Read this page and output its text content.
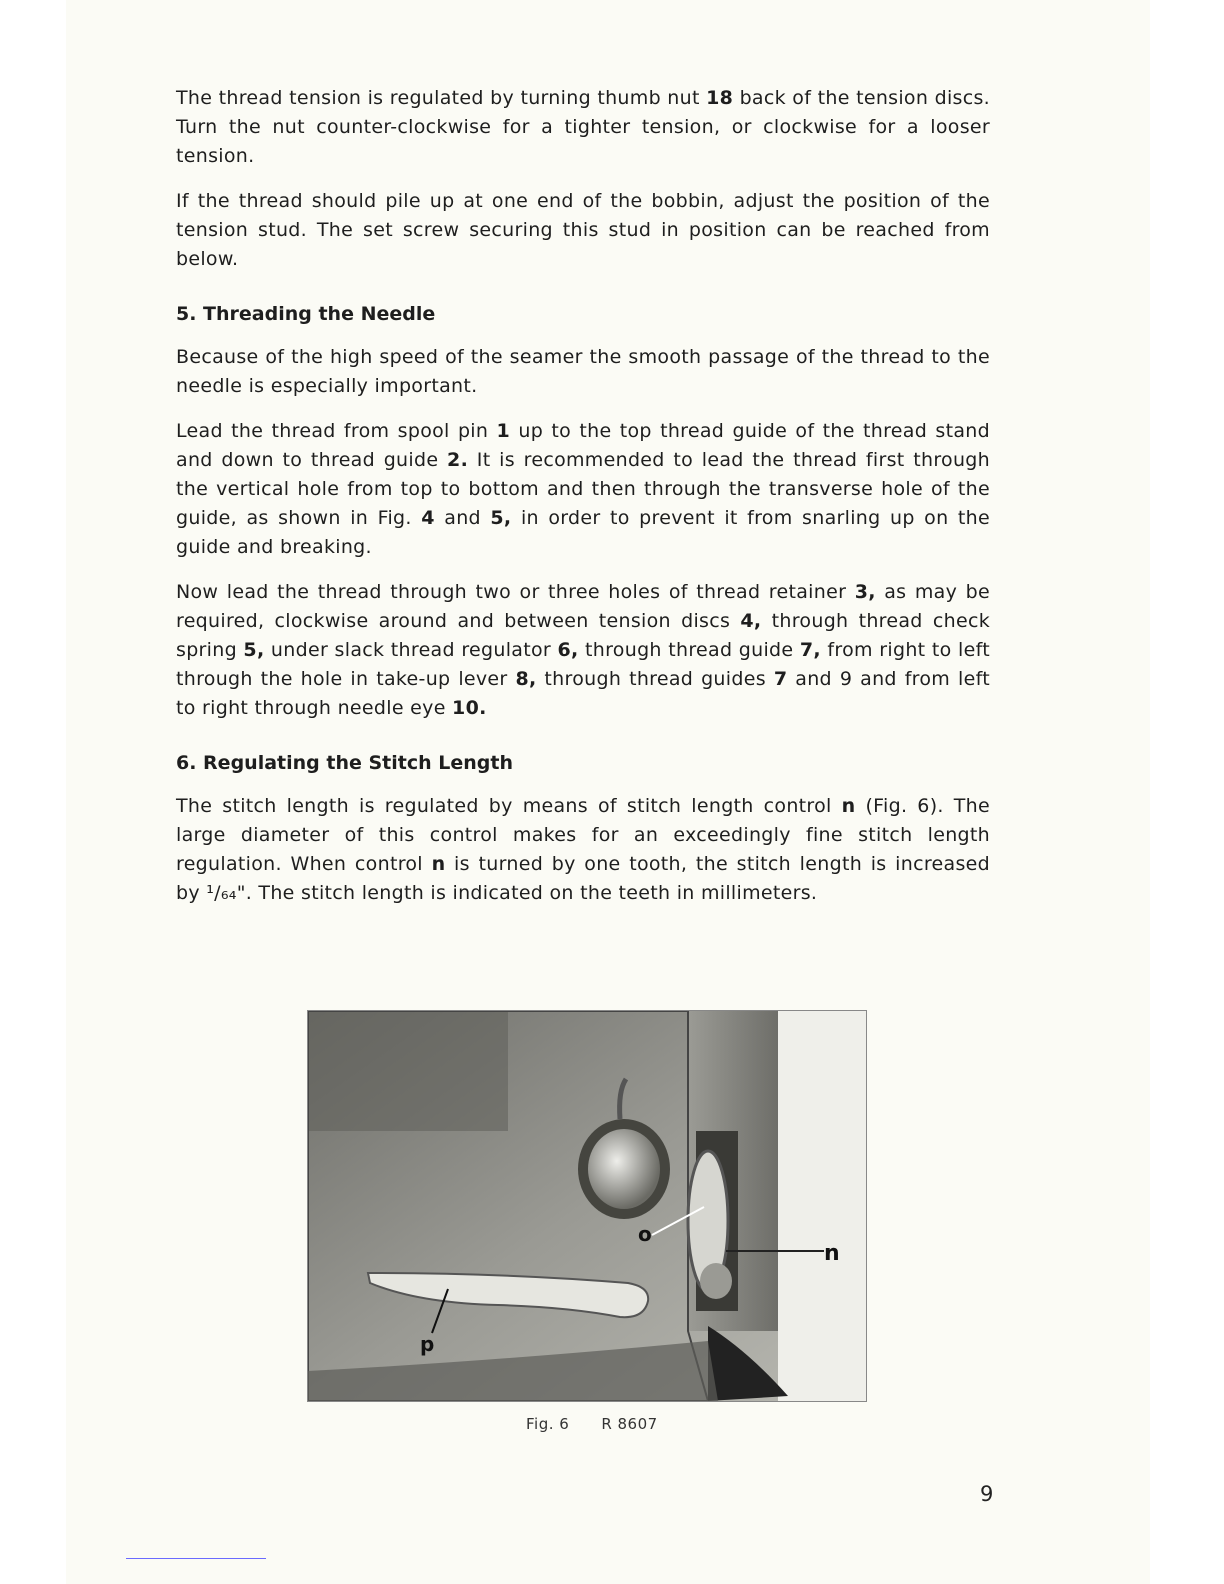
The thread tension is regulated by turning thumb nut 18 back of the tension discs. Turn the nut counter-clockwise for a tighter tension, or clockwise for a looser tension.

If the thread should pile up at one end of the bobbin, adjust the position of the tension stud. The set screw securing this stud in position can be reached from below.

5. Threading the Needle

Because of the high speed of the seamer the smooth passage of the thread to the needle is especially important.

Lead the thread from spool pin 1 up to the top thread guide of the thread stand and down to thread guide 2. It is recommended to lead the thread first through the vertical hole from top to bottom and then through the transverse hole of the guide, as shown in Fig. 4 and 5, in order to prevent it from snarling up on the guide and breaking.

Now lead the thread through two or three holes of thread retainer 3, as may be required, clockwise around and between tension discs 4, through thread check spring 5, under slack thread regulator 6, through thread guide 7, from right to left through the hole in take-up lever 8, through thread guides 7 and 9 and from left to right through needle eye 10.

6. Regulating the Stitch Length

The stitch length is regulated by means of stitch length control n (Fig. 6). The large diameter of this control makes for an exceedingly fine stitch length regulation. When control n is turned by one tooth, the stitch length is increased by ¹/₆₄". The stitch length is indicated on the teeth in millimeters.

o
n
p
Fig. 6 R 8607
9
